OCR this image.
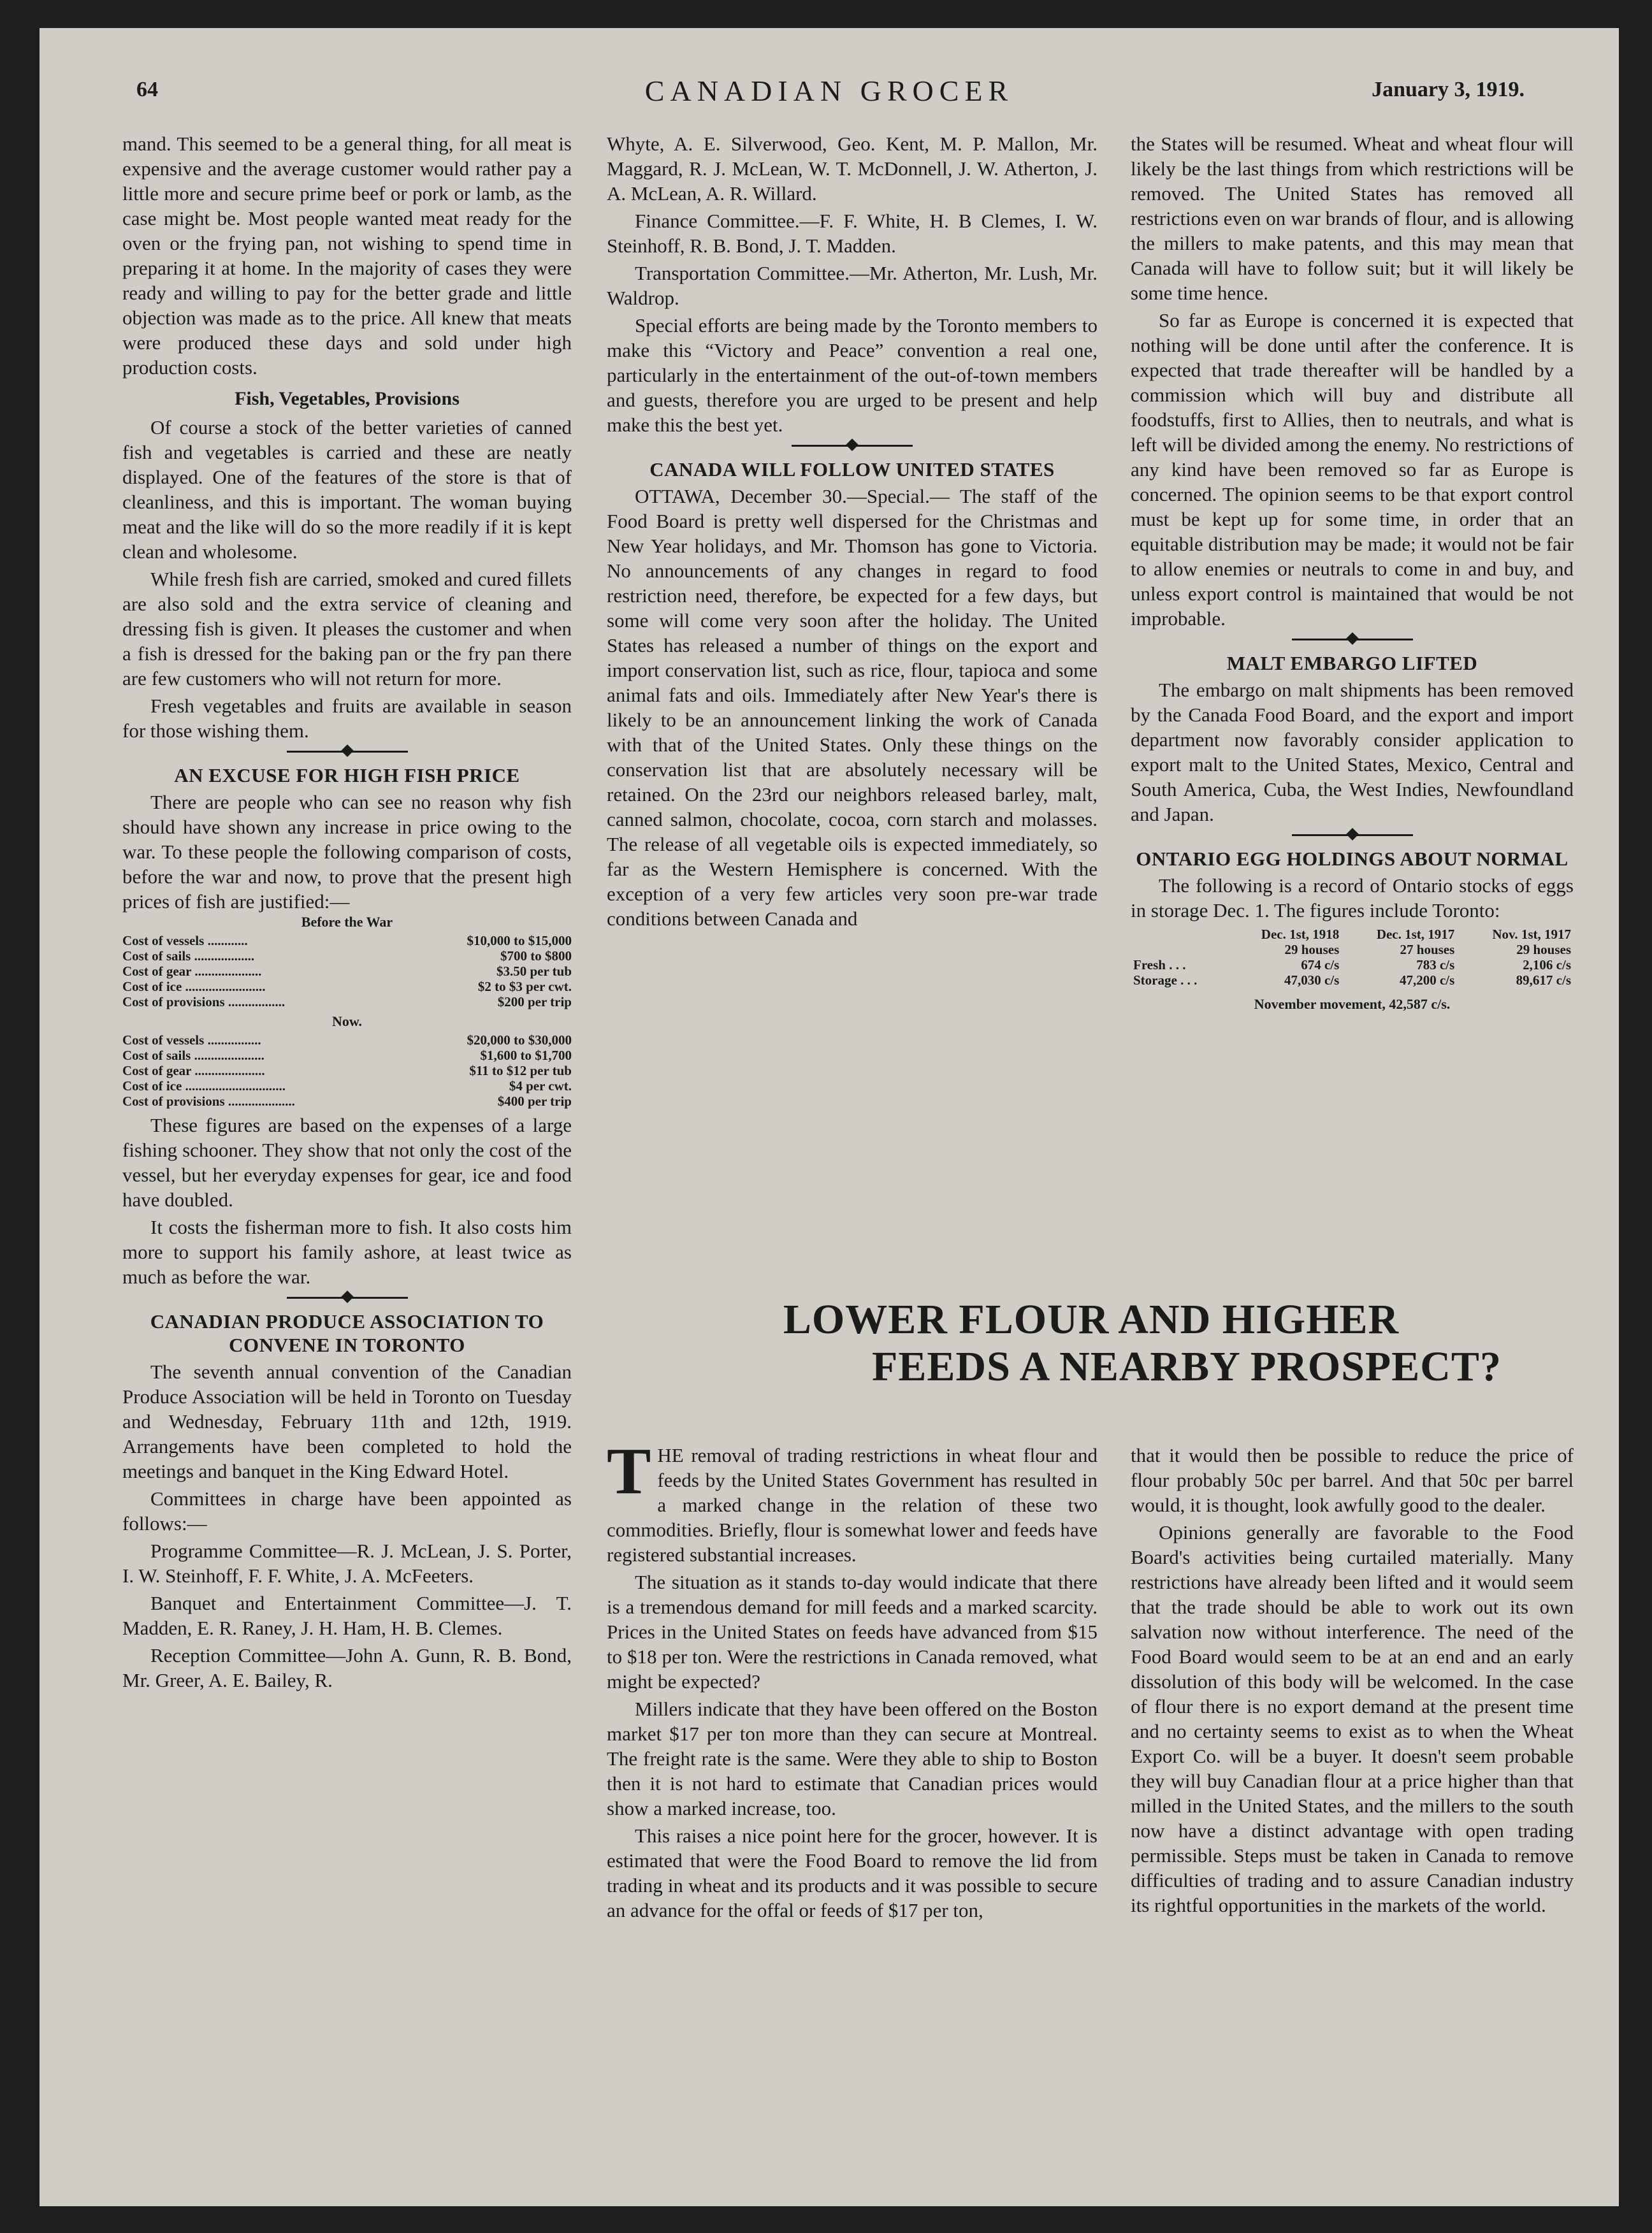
64	CANADIAN GROCER	January 3, 1919.

mand. This seemed to be a general thing, for all meat is expensive and the average customer would rather pay a little more and secure prime beef or pork or lamb, as the case might be. Most people wanted meat ready for the oven or the frying pan, not wishing to spend time in preparing it at home. In the majority of cases they were ready and willing to pay for the better grade and little objection was made as to the price. All knew that meats were produced these days and sold under high production costs.

Fish, Vegetables, Provisions

Of course a stock of the better varieties of canned fish and vegetables is carried and these are neatly displayed. One of the features of the store is that of cleanliness, and this is important. The woman buying meat and the like will do so the more readily if it is kept clean and wholesome.

While fresh fish are carried, smoked and cured fillets are also sold and the extra service of cleaning and dressing fish is given. It pleases the customer and when a fish is dressed for the baking pan or the fry pan there are few customers who will not return for more.

Fresh vegetables and fruits are available in season for those wishing them.

AN EXCUSE FOR HIGH FISH PRICE

There are people who can see no reason why fish should have shown any increase in price owing to the war. To these people the following comparison of costs, before the war and now, to prove that the present high prices of fish are justified:—

Before the War
Cost of vessels ............	$10,000 to $15,000
Cost of sails ..................	$700 to $800
Cost of gear ....................	$3.50 per tub
Cost of ice ........................	$2 to $3 per cwt.
Cost of provisions .................	$200 per trip
Now.
Cost of vessels ................	$20,000 to $30,000
Cost of sails .....................	$1,600 to $1,700
Cost of gear .....................	$11 to $12 per tub
Cost of ice ..............................	$4 per cwt.
Cost of provisions ....................	$400 per trip

These figures are based on the expenses of a large fishing schooner. They show that not only the cost of the vessel, but her everyday expenses for gear, ice and food have doubled.

It costs the fisherman more to fish. It also costs him more to support his family ashore, at least twice as much as before the war.

CANADIAN PRODUCE ASSOCIATION TO CONVENE IN TORONTO

The seventh annual convention of the Canadian Produce Association will be held in Toronto on Tuesday and Wednesday, February 11th and 12th, 1919. Arrangements have been completed to hold the meetings and banquet in the King Edward Hotel.

Committees in charge have been appointed as follows:—

Programme Committee—R. J. McLean, J. S. Porter, I. W. Steinhoff, F. F. White, J. A. McFeeters.

Banquet and Entertainment Committee—J. T. Madden, E. R. Raney, J. H. Ham, H. B. Clemes.

Reception Committee—John A. Gunn, R. B. Bond, Mr. Greer, A. E. Bailey, R.

Whyte, A. E. Silverwood, Geo. Kent, M. P. Mallon, Mr. Maggard, R. J. McLean, W. T. McDonnell, J. W. Atherton, J. A. McLean, A. R. Willard.

Finance Committee.—F. F. White, H. B Clemes, I. W. Steinhoff, R. B. Bond, J. T. Madden.

Transportation Committee.—Mr. Atherton, Mr. Lush, Mr. Waldrop.

Special efforts are being made by the Toronto members to make this “Victory and Peace” convention a real one, particularly in the entertainment of the out-of-town members and guests, therefore you are urged to be present and help make this the best yet.

CANADA WILL FOLLOW UNITED STATES

OTTAWA, December 30.—Special.— The staff of the Food Board is pretty well dispersed for the Christmas and New Year holidays, and Mr. Thomson has gone to Victoria. No announcements of any changes in regard to food restriction need, therefore, be expected for a few days, but some will come very soon after the holiday. The United States has released a number of things on the export and import conservation list, such as rice, flour, tapioca and some animal fats and oils. Immediately after New Year's there is likely to be an announcement linking the work of Canada with that of the United States. Only these things on the conservation list that are absolutely necessary will be retained. On the 23rd our neighbors released barley, malt, canned salmon, chocolate, cocoa, corn starch and molasses. The release of all vegetable oils is expected immediately, so far as the Western Hemisphere is concerned. With the exception of a very few articles very soon pre-war trade conditions between Canada and

the States will be resumed. Wheat and wheat flour will likely be the last things from which restrictions will be removed. The United States has removed all restrictions even on war brands of flour, and is allowing the millers to make patents, and this may mean that Canada will have to follow suit; but it will likely be some time hence.

So far as Europe is concerned it is expected that nothing will be done until after the conference. It is expected that trade thereafter will be handled by a commission which will buy and distribute all foodstuffs, first to Allies, then to neutrals, and what is left will be divided among the enemy. No restrictions of any kind have been removed so far as Europe is concerned. The opinion seems to be that export control must be kept up for some time, in order that an equitable distribution may be made; it would not be fair to allow enemies or neutrals to come in and buy, and unless export control is maintained that would be not improbable.

MALT EMBARGO LIFTED

The embargo on malt shipments has been removed by the Canada Food Board, and the export and import department now favorably consider application to export malt to the United States, Mexico, Central and South America, Cuba, the West Indies, Newfoundland and Japan.

ONTARIO EGG HOLDINGS ABOUT NORMAL

The following is a record of Ontario stocks of eggs in storage Dec. 1. The figures include Toronto:

	Dec. 1st, 1918	Dec. 1st, 1917	Nov. 1st, 1917
	29 houses	27 houses	29 houses
Fresh . . .	674 c/s	783 c/s	2,106 c/s
Storage . . .	47,030 c/s	47,200 c/s	89,617 c/s
November movement, 42,587 c/s.
LOWER FLOUR AND HIGHER
FEEDS A NEARBY PROSPECT?

THE removal of trading restrictions in wheat flour and feeds by the United States Government has resulted in a marked change in the relation of these two commodities. Briefly, flour is somewhat lower and feeds have registered substantial increases.

The situation as it stands to-day would indicate that there is a tremendous demand for mill feeds and a marked scarcity. Prices in the United States on feeds have advanced from $15 to $18 per ton. Were the restrictions in Canada removed, what might be expected?

Millers indicate that they have been offered on the Boston market $17 per ton more than they can secure at Montreal. The freight rate is the same. Were they able to ship to Boston then it is not hard to estimate that Canadian prices would show a marked increase, too.

This raises a nice point here for the grocer, however. It is estimated that were the Food Board to remove the lid from trading in wheat and its products and it was possible to secure an advance for the offal or feeds of $17 per ton,

that it would then be possible to reduce the price of flour probably 50c per barrel. And that 50c per barrel would, it is thought, look awfully good to the dealer.

Opinions generally are favorable to the Food Board's activities being curtailed materially. Many restrictions have already been lifted and it would seem that the trade should be able to work out its own salvation now without interference. The need of the Food Board would seem to be at an end and an early dissolution of this body will be welcomed. In the case of flour there is no export demand at the present time and no certainty seems to exist as to when the Wheat Export Co. will be a buyer. It doesn't seem probable they will buy Canadian flour at a price higher than that milled in the United States, and the millers to the south now have a distinct advantage with open trading permissible. Steps must be taken in Canada to remove difficulties of trading and to assure Canadian industry its rightful opportunities in the markets of the world.
